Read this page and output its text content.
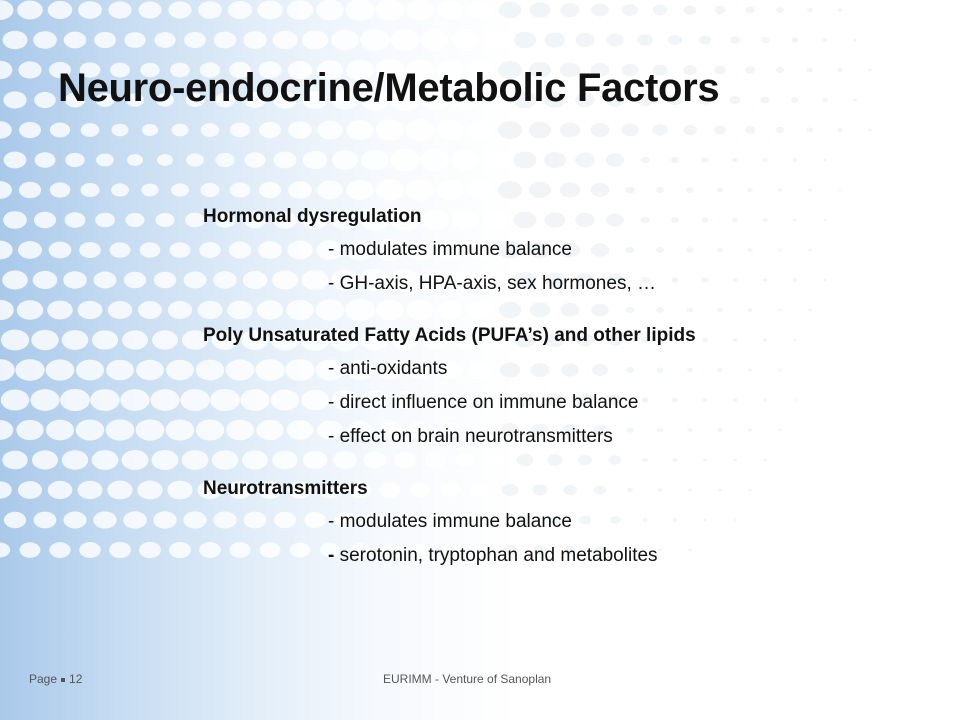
Neuro-endocrine/Metabolic Factors
Hormonal dysregulation
- modulates immune balance
- GH-axis, HPA-axis, sex hormones, …
Poly Unsaturated Fatty Acids (PUFA’s) and other lipids
- anti-oxidants
- direct influence on immune balance
- effect on brain neurotransmitters
Neurotransmitters
- modulates immune balance
- serotonin, tryptophan and metabolites
Page 12	EURIMM - Venture of Sanoplan
